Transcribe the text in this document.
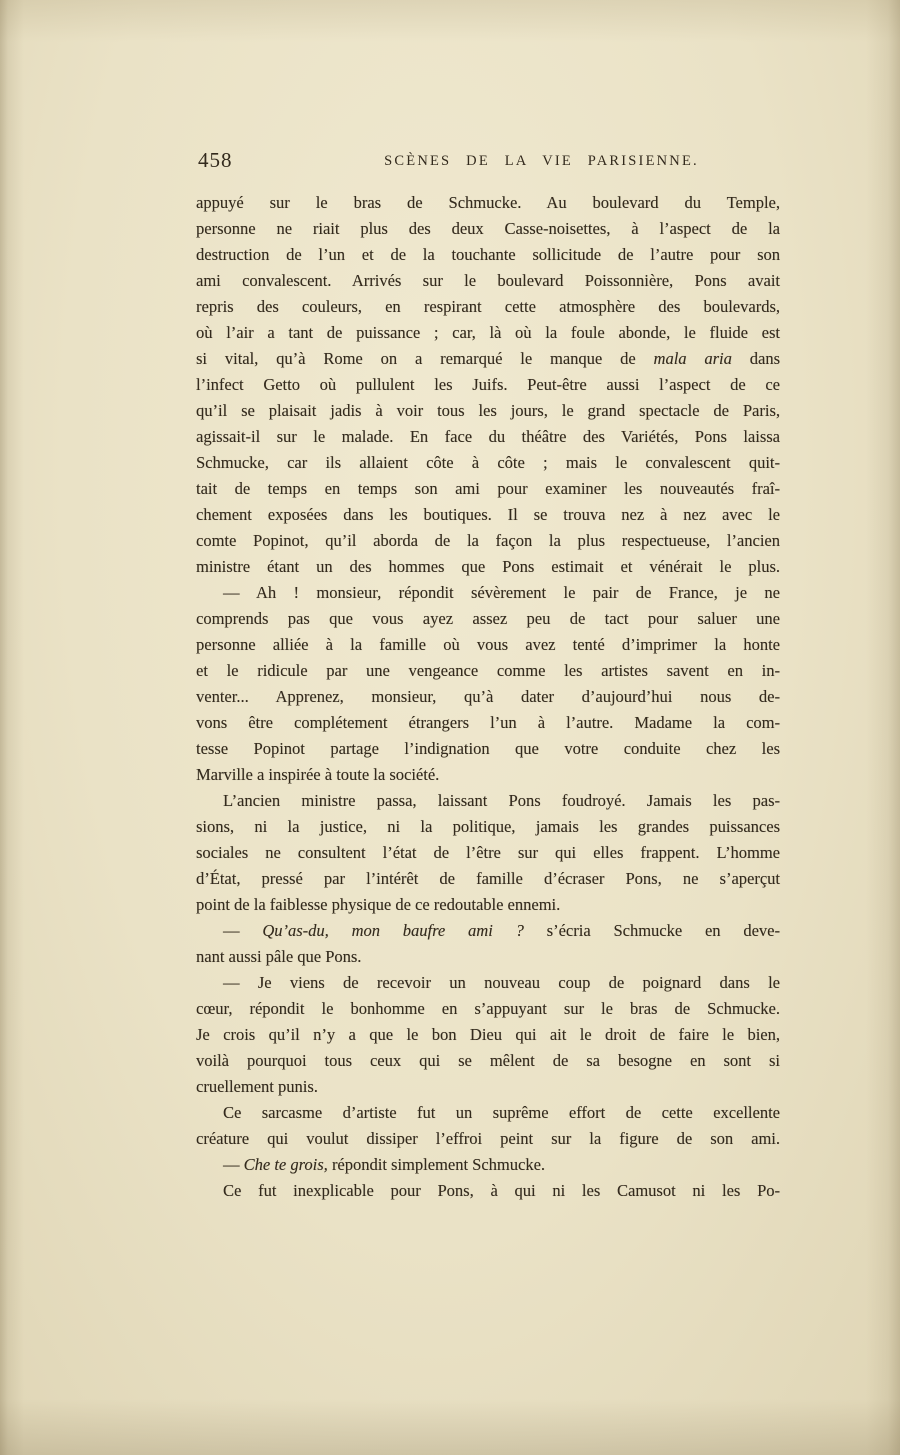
458	SCÈNES DE LA VIE PARISIENNE.
appuyé sur le bras de Schmucke. Au boulevard du Temple,
personne ne riait plus des deux Casse-noisettes, à l’aspect de la
destruction de l’un et de la touchante sollicitude de l’autre pour son
ami convalescent. Arrivés sur le boulevard Poissonnière, Pons avait
repris des couleurs, en respirant cette atmosphère des boulevards,
où l’air a tant de puissance ; car, là où la foule abonde, le fluide est
si vital, qu’à Rome on a remarqué le manque de mala aria dans
l’infect Getto où pullulent les Juifs. Peut-être aussi l’aspect de ce
qu’il se plaisait jadis à voir tous les jours, le grand spectacle de Paris,
agissait-il sur le malade. En face du théâtre des Variétés, Pons laissa
Schmucke, car ils allaient côte à côte ; mais le convalescent quit-
tait de temps en temps son ami pour examiner les nouveautés fraî-
chement exposées dans les boutiques. Il se trouva nez à nez avec le
comte Popinot, qu’il aborda de la façon la plus respectueuse, l’ancien
ministre étant un des hommes que Pons estimait et vénérait le plus.
— Ah ! monsieur, répondit sévèrement le pair de France, je ne
comprends pas que vous ayez assez peu de tact pour saluer une
personne alliée à la famille où vous avez tenté d’imprimer la honte
et le ridicule par une vengeance comme les artistes savent en in-
venter... Apprenez, monsieur, qu’à dater d’aujourd’hui nous de-
vons être complétement étrangers l’un à l’autre. Madame la com-
tesse Popinot partage l’indignation que votre conduite chez les
Marville a inspirée à toute la société.
L’ancien ministre passa, laissant Pons foudroyé. Jamais les pas-
sions, ni la justice, ni la politique, jamais les grandes puissances
sociales ne consultent l’état de l’être sur qui elles frappent. L’homme
d’État, pressé par l’intérêt de famille d’écraser Pons, ne s’aperçut
point de la faiblesse physique de ce redoutable ennemi.
— Qu’as-du, mon baufre ami ? s’écria Schmucke en deve-
nant aussi pâle que Pons.
— Je viens de recevoir un nouveau coup de poignard dans le
cœur, répondit le bonhomme en s’appuyant sur le bras de Schmucke.
Je crois qu’il n’y a que le bon Dieu qui ait le droit de faire le bien,
voilà pourquoi tous ceux qui se mêlent de sa besogne en sont si
cruellement punis.
Ce sarcasme d’artiste fut un suprême effort de cette excellente
créature qui voulut dissiper l’effroi peint sur la figure de son ami.
— Che te grois, répondit simplement Schmucke.
Ce fut inexplicable pour Pons, à qui ni les Camusot ni les Po-
